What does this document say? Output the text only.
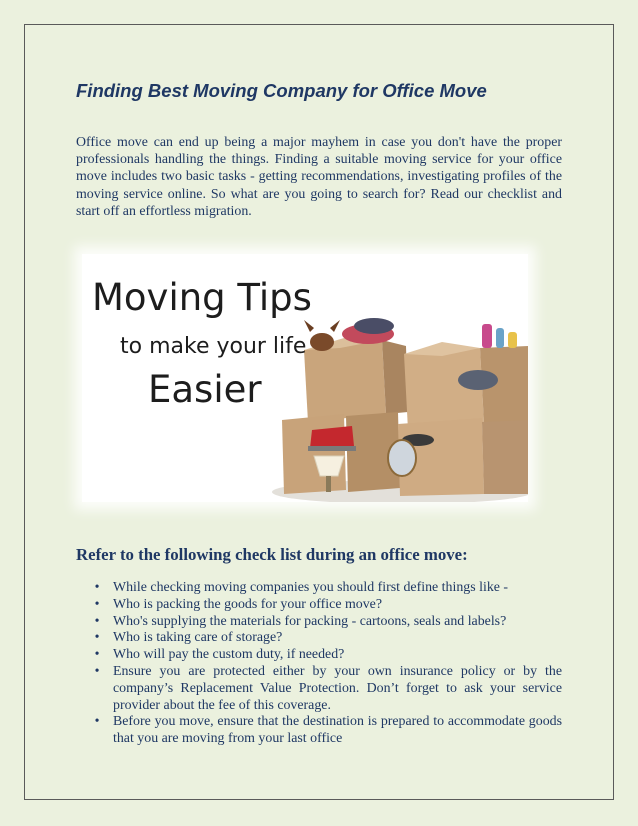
Finding Best Moving Company for Office Move

Office move can end up being a major mayhem in case you don't have the proper professionals handling the things. Finding a suitable moving service for your office move includes two basic tasks - getting recommendations, investigating profiles of the moving service online. So what are you going to search for? Read our checklist and start off an effortless migration.

Moving Tips
to make your life
Easier
Refer to the following check list during an office move:
• While checking moving companies you should first define things like -
• Who is packing the goods for your office move?
• Who's supplying the materials for packing - cartoons, seals and labels?
• Who is taking care of storage?
• Who will pay the custom duty, if needed?
• Ensure you are protected either by your own insurance policy or by the company’s Replacement Value Protection. Don’t forget to ask your service provider about the fee of this coverage.
• Before you move, ensure that the destination is prepared to accommodate goods that you are moving from your last office
